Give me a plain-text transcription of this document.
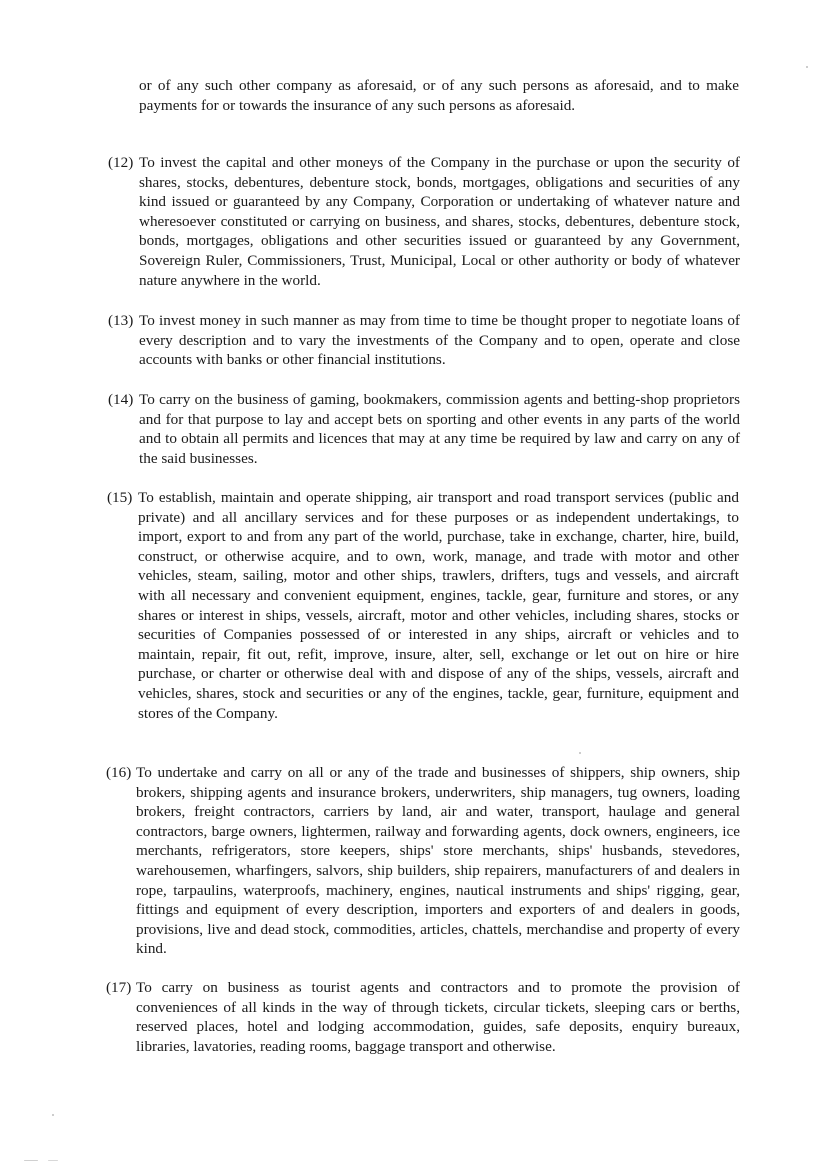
or of any such other company as aforesaid, or of any such persons as aforesaid, and to make payments for or towards the insurance of any such persons as aforesaid.

(12) To invest the capital and other moneys of the Company in the purchase or upon the security of shares, stocks, debentures, debenture stock, bonds, mortgages, obligations and securities of any kind issued or guaranteed by any Company, Corporation or undertaking of whatever nature and wheresoever constituted or carrying on business, and shares, stocks, debentures, debenture stock, bonds, mortgages, obligations and other securities issued or guaranteed by any Government, Sovereign Ruler, Commissioners, Trust, Municipal, Local or other authority or body of whatever nature anywhere in the world.

(13) To invest money in such manner as may from time to time be thought proper to negotiate loans of every description and to vary the investments of the Company and to open, operate and close accounts with banks or other financial institutions.

(14) To carry on the business of gaming, bookmakers, commission agents and betting-shop proprietors and for that purpose to lay and accept bets on sporting and other events in any parts of the world and to obtain all permits and licences that may at any time be required by law and carry on any of the said businesses.

(15) To establish, maintain and operate shipping, air transport and road transport services (public and private) and all ancillary services and for these purposes or as independent undertakings, to import, export to and from any part of the world, purchase, take in exchange, charter, hire, build, construct, or otherwise acquire, and to own, work, manage, and trade with motor and other vehicles, steam, sailing, motor and other ships, trawlers, drifters, tugs and vessels, and aircraft with all necessary and convenient equipment, engines, tackle, gear, furniture and stores, or any shares or interest in ships, vessels, aircraft, motor and other vehicles, including shares, stocks or securities of Companies possessed of or interested in any ships, aircraft or vehicles and to maintain, repair, fit out, refit, improve, insure, alter, sell, exchange or let out on hire or hire purchase, or charter or otherwise deal with and dispose of any of the ships, vessels, aircraft and vehicles, shares, stock and securities or any of the engines, tackle, gear, furniture, equipment and stores of the Company.

(16) To undertake and carry on all or any of the trade and businesses of shippers, ship owners, ship brokers, shipping agents and insurance brokers, underwriters, ship managers, tug owners, loading brokers, freight contractors, carriers by land, air and water, transport, haulage and general contractors, barge owners, lightermen, railway and forwarding agents, dock owners, engineers, ice merchants, refrigerators, store keepers, ships' store merchants, ships' husbands, stevedores, warehousemen, wharfingers, salvors, ship builders, ship repairers, manufacturers of and dealers in rope, tarpaulins, waterproofs, machinery, engines, nautical instruments and ships' rigging, gear, fittings and equipment of every description, importers and exporters of and dealers in goods, provisions, live and dead stock, commodities, articles, chattels, merchandise and property of every kind.

(17) To carry on business as tourist agents and contractors and to promote the provision of conveniences of all kinds in the way of through tickets, circular tickets, sleeping cars or berths, reserved places, hotel and lodging accommodation, guides, safe deposits, enquiry bureaux, libraries, lavatories, reading rooms, baggage transport and otherwise.
